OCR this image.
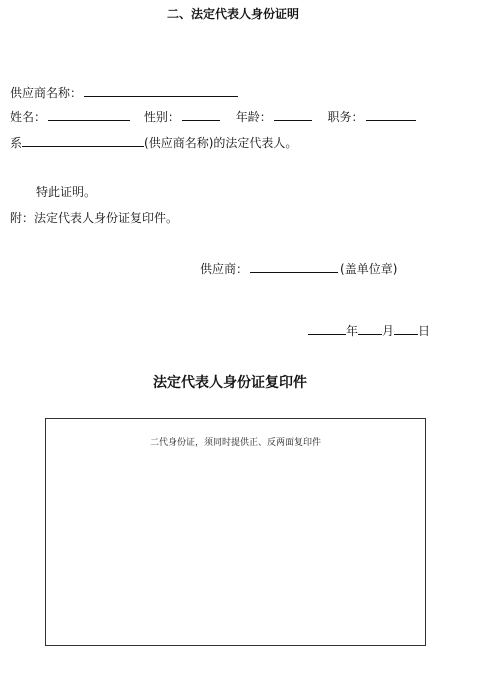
二、法定代表人身份证明
供应商名称：
姓名：	性别：	年龄：	职务：
系	(供应商名称)的法定代表人。
特此证明。
附：法定代表人身份证复印件。
供应商：	(盖单位章)
年 月 日
法定代表人身份证复印件
二代身份证，须同时提供正、反两面复印件
